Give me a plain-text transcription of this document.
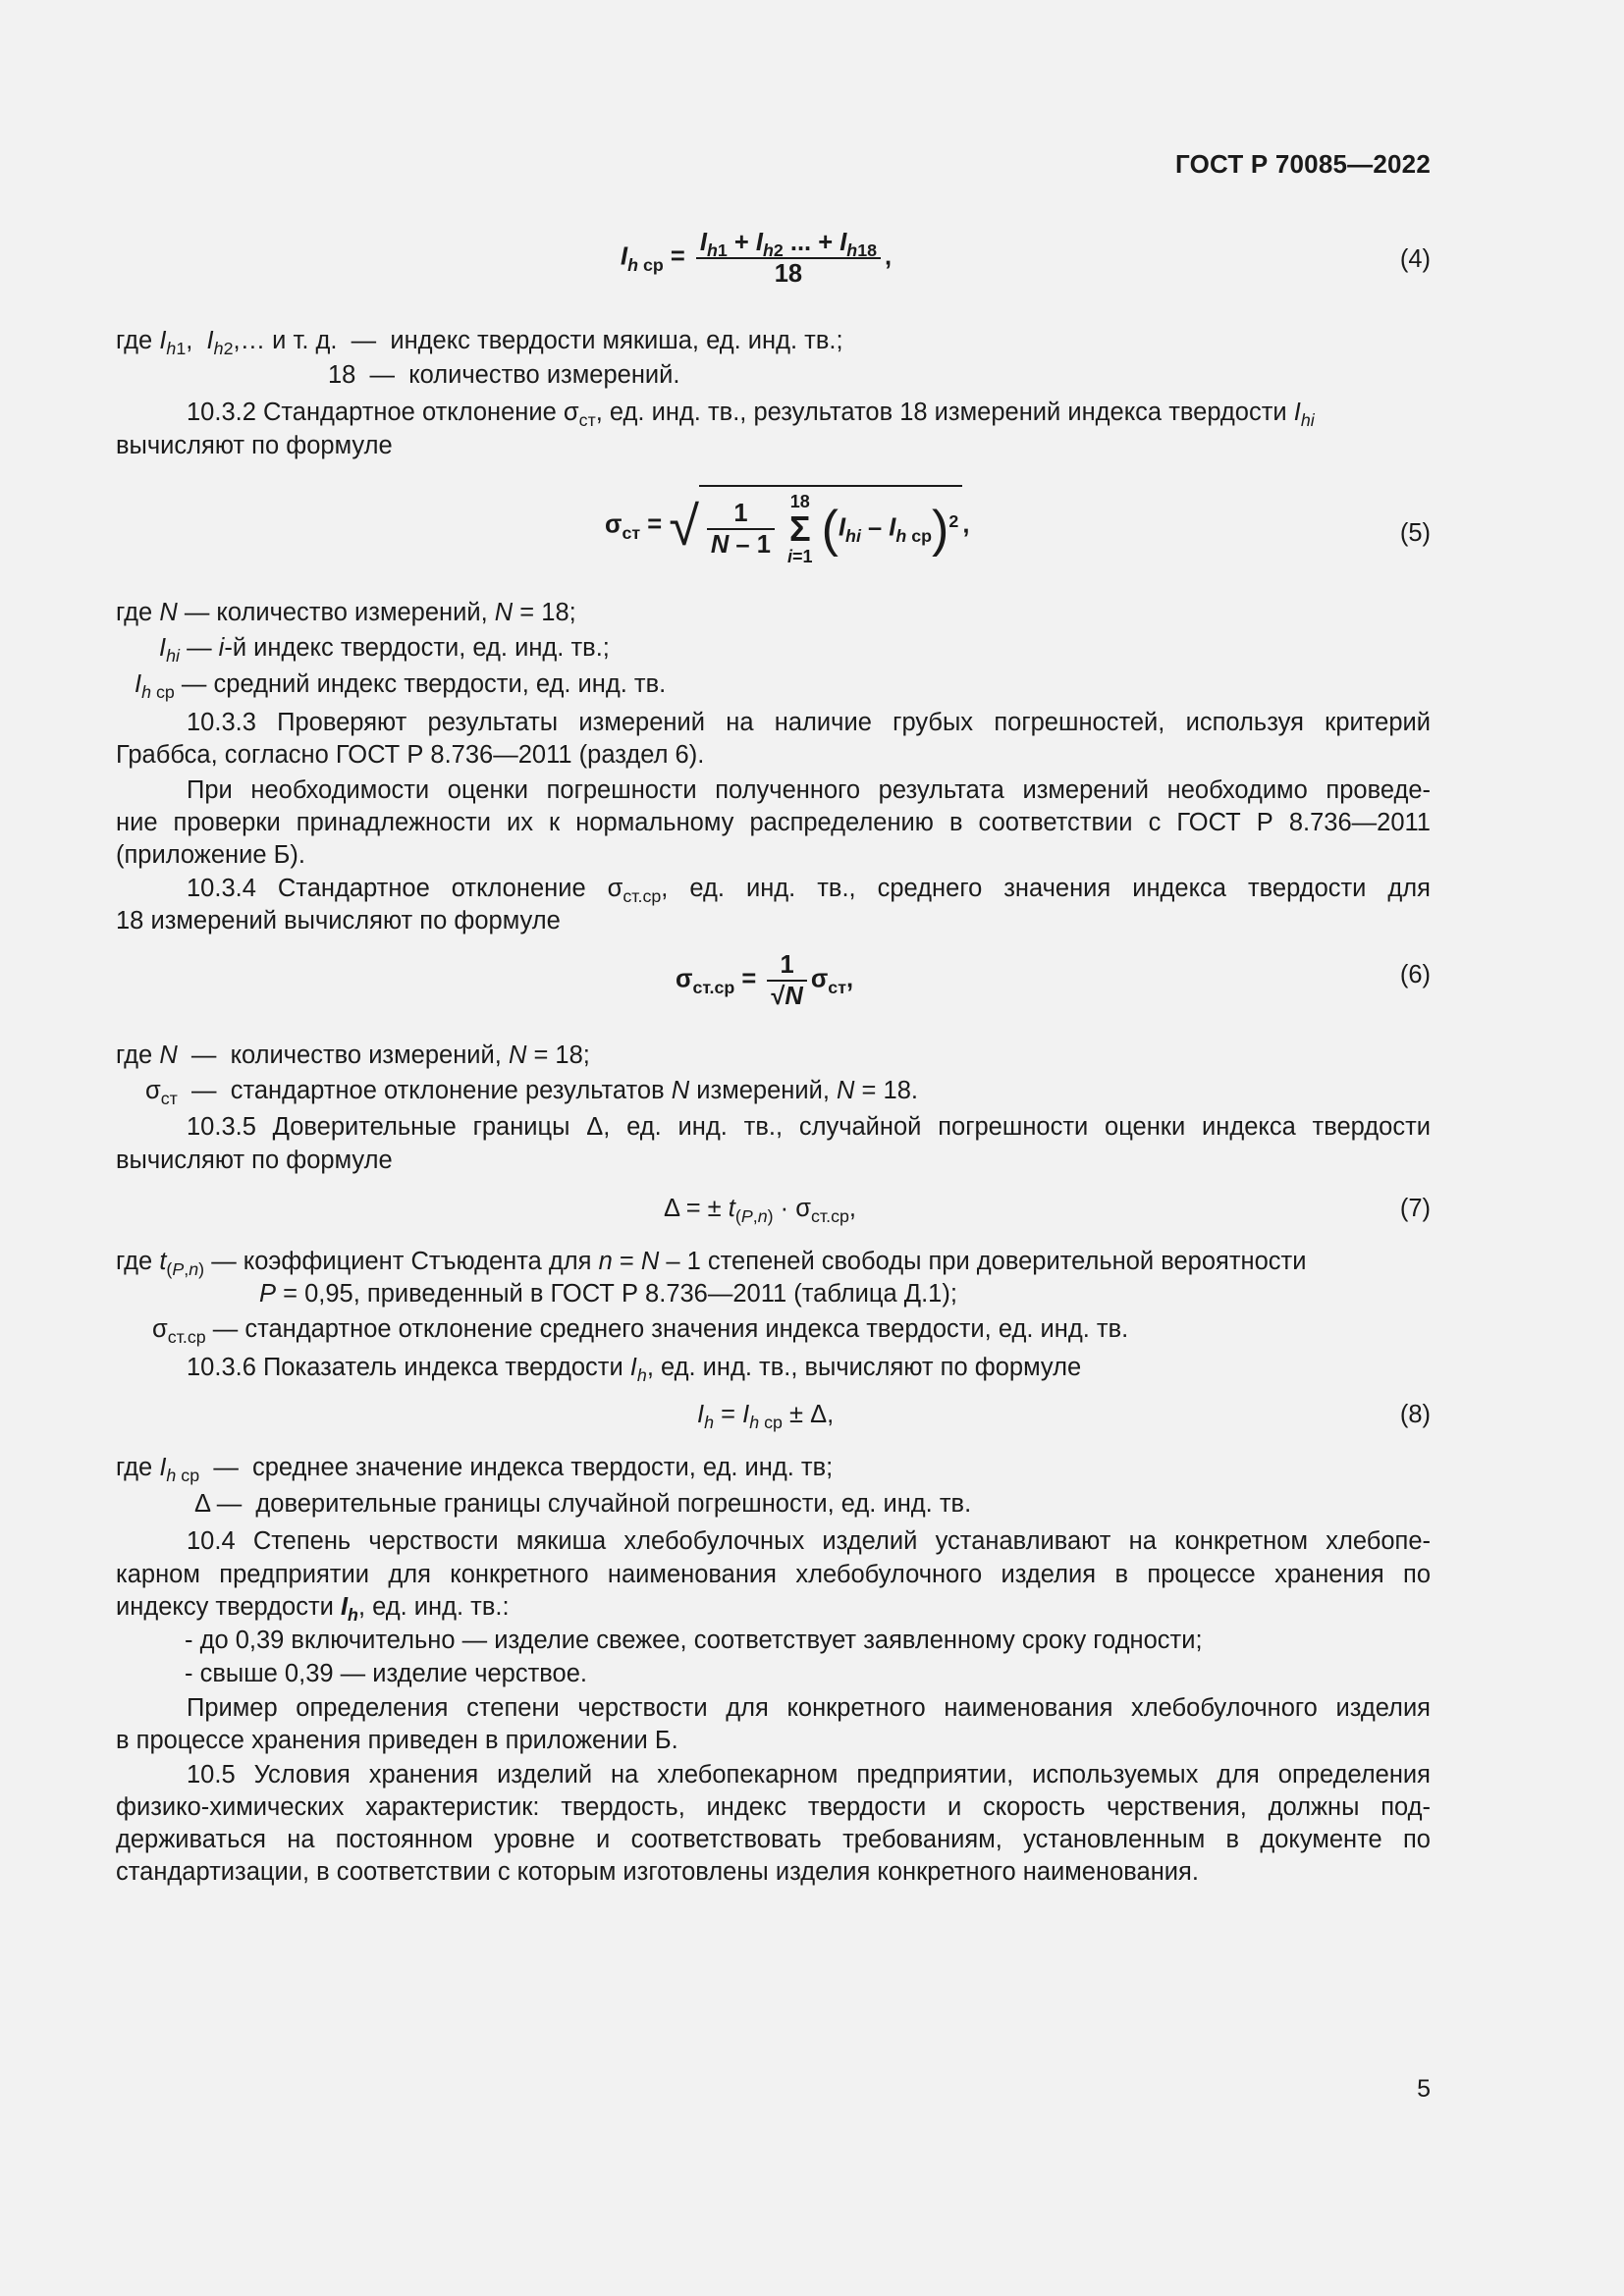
ГОСТ Р 70085—2022
$I_{h ср} = \frac{I_{h1} + I_{h2} ... + I_{h18}}{18}$ ,	(4)
где $I_{h1}$,  $I_{h2},\dots$ и т. д.  —  индекс твердости мякиша, ед. инд. тв.;
18  —  количество измерений.
10.3.2 Стандартное отклонение $\sigma_{ст}$, ед. инд. тв., результатов 18 измерений индекса твердости $I_{hi}$
вычисляют по формуле
$\sigma_{ст}$ = √ $\frac{1}{N - 1}$
18
Σ
i=1 $(I_{hi} - I_{h ср})^2$ ,	(5)
где N — количество измерений, N = 18;
$I_{hi}$ — i-й индекс твердости, ед. инд. тв.;
$I_{h ср}$ — средний индекс твердости, ед. инд. тв.
10.3.3 Проверяют результаты измерений на наличие грубых погрешностей, используя критерий
Граббса, согласно ГОСТ Р 8.736—2011 (раздел 6).
При необходимости оценки погрешности полученного результата измерений необходимо проведе-
ние проверки принадлежности их к нормальному распределению в соответствии с ГОСТ Р 8.736—2011
(приложение Б).
10.3.4 Стандартное отклонение $\sigma_{ст.ср}$, ед. инд. тв., среднего значения индекса твердости для
18 измерений вычисляют по формуле
$\sigma_{ст.ср} = \frac{1}{√N} \sigma_{ст}$,	(6)
где N  —  количество измерений, N = 18;
$\sigma_{ст}$  —  стандартное отклонение результатов N измерений, N = 18.
10.3.5 Доверительные границы Δ, ед. инд. тв., случайной погрешности оценки индекса твердости
вычисляют по формуле
Δ = ± $t_{(P,n)} \cdot \sigma_{ст.ср}$,	(7)
где $t_{(P,n)}$ — коэффициент Стъюдента для n = N – 1 степеней свободы при доверительной вероятности
P = 0,95, приведенный в ГОСТ Р 8.736—2011 (таблица Д.1);
$\sigma_{ст.ср}$ — стандартное отклонение среднего значения индекса твердости, ед. инд. тв.
10.3.6 Показатель индекса твердости $I_h$, ед. инд. тв., вычисляют по формуле
$I_h = I_{h ср} \pm \Delta$,	(8)
где $I_{h ср}$  —  среднее значение индекса твердости, ед. инд. тв;
Δ —  доверительные границы случайной погрешности, ед. инд. тв.
10.4 Степень черствости мякиша хлебобулочных изделий устанавливают на конкретном хлебопе-
карном предприятии для конкретного наименования хлебобулочного изделия в процессе хранения по
индексу твердости $I_h$, ед. инд. тв.:
- до 0,39 включительно — изделие свежее, соответствует заявленному сроку годности;
- свыше 0,39 — изделие черствое.
Пример определения степени черствости для конкретного наименования хлебобулочного изделия
в процессе хранения приведен в приложении Б.
10.5 Условия хранения изделий на хлебопекарном предприятии, используемых для определения
физико-химических характеристик: твердость, индекс твердости и скорость черствения, должны под-
держиваться на постоянном уровне и соответствовать требованиям, установленным в документе по
стандартизации, в соответствии с которым изготовлены изделия конкретного наименования.
5
